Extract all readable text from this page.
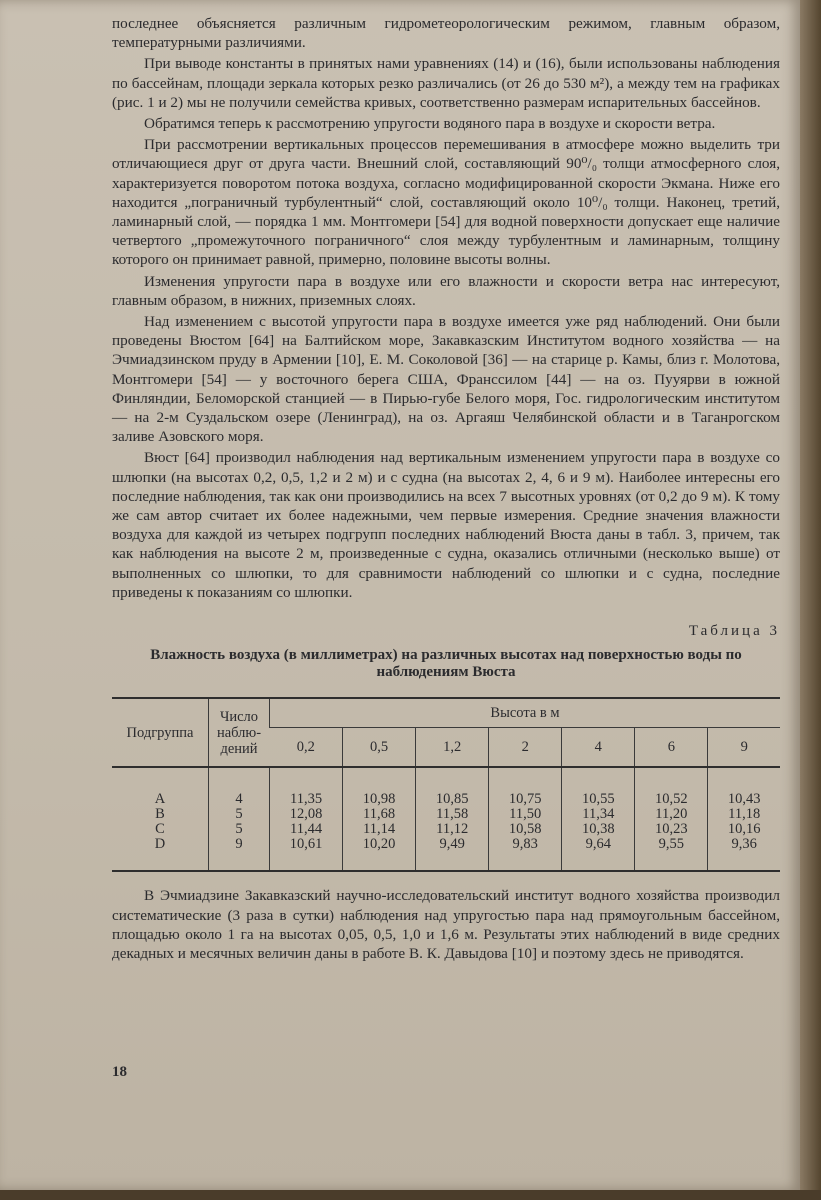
последнее объясняется различным гидрометеорологическим режимом, главным образом, температурными различиями.

При выводе константы в принятых нами уравнениях (14) и (16), были использованы наблюдения по бассейнам, площади зеркала которых резко различались (от 26 до 530 м²), а между тем на графиках (рис. 1 и 2) мы не получили семейства кривых, соответственно размерам испарительных бассейнов.

Обратимся теперь к рассмотрению упругости водяного пара в воздухе и скорости ветра.

При рассмотрении вертикальных процессов перемешивания в атмосфере можно выделить три отличающиеся друг от друга части. Внешний слой, составляющий 90⁰/₀ толщи атмосферного слоя, характеризуется поворотом потока воздуха, согласно модифицированной скорости Экмана. Ниже его находится „пограничный турбулентный“ слой, составляющий около 10⁰/₀ толщи. Наконец, третий, ламинарный слой, — порядка 1 мм. Монтгомери [54] для водной поверхности допускает еще наличие четвертого „промежуточного пограничного“ слоя между турбулентным и ламинарным, толщину которого он принимает равной, примерно, половине высоты волны.

Изменения упругости пара в воздухе или его влажности и скорости ветра нас интересуют, главным образом, в нижних, приземных слоях.

Над изменением с высотой упругости пара в воздухе имеется уже ряд наблюдений. Они были проведены Вюстом [64] на Балтийском море, Закавказским Институтом водного хозяйства — на Эчмиадзинском пруду в Армении [10], Е. М. Соколовой [36] — на старице р. Камы, близ г. Молотова, Монтгомери [54] — у восточного берега США, Франссилом [44] — на оз. Пууярви в южной Финляндии, Беломорской станцией — в Пирью-губе Белого моря, Гос. гидрологическим институтом — на 2-м Суздальском озере (Ленинград), на оз. Аргаяш Челябинской области и в Таганрогском заливе Азовского моря.

Вюст [64] производил наблюдения над вертикальным изменением упругости пара в воздухе со шлюпки (на высотах 0,2, 0,5, 1,2 и 2 м) и с судна (на высотах 2, 4, 6 и 9 м). Наиболее интересны его последние наблюдения, так как они производились на всех 7 высотных уровнях (от 0,2 до 9 м). К тому же сам автор считает их более надежными, чем первые измерения. Средние значения влажности воздуха для каждой из четырех подгрупп последних наблюдений Вюста даны в табл. 3, причем, так как наблюдения на высоте 2 м, произведенные с судна, оказались отличными (несколько выше) от выполненных со шлюпки, то для сравнимости наблюдений со шлюпки и с судна, последние приведены к показаниям со шлюпки.

Таблица 3
Влажность воздуха (в миллиметрах) на различных высотах над поверхностью воды по наблюдениям Вюста
Подгруппа	Число наблю-дений	Высота в м						
		0,2	0,5	1,2	2	4	6	9
A	4	11,35	10,98	10,85	10,75	10,55	10,52	10,43
B	5	12,08	11,68	11,58	11,50	11,34	11,20	11,18
C	5	11,44	11,14	11,12	10,58	10,38	10,23	10,16
D	9	10,61	10,20	9,49	9,83	9,64	9,55	9,36

В Эчмиадзине Закавказский научно-исследовательский институт водного хозяйства производил систематические (3 раза в сутки) наблюдения над упругостью пара над прямоугольным бассейном, площадью около 1 га на высотах 0,05, 0,5, 1,0 и 1,6 м. Результаты этих наблюдений в виде средних декадных и месячных величин даны в работе В. К. Давыдова [10] и поэтому здесь не приводятся.

18
